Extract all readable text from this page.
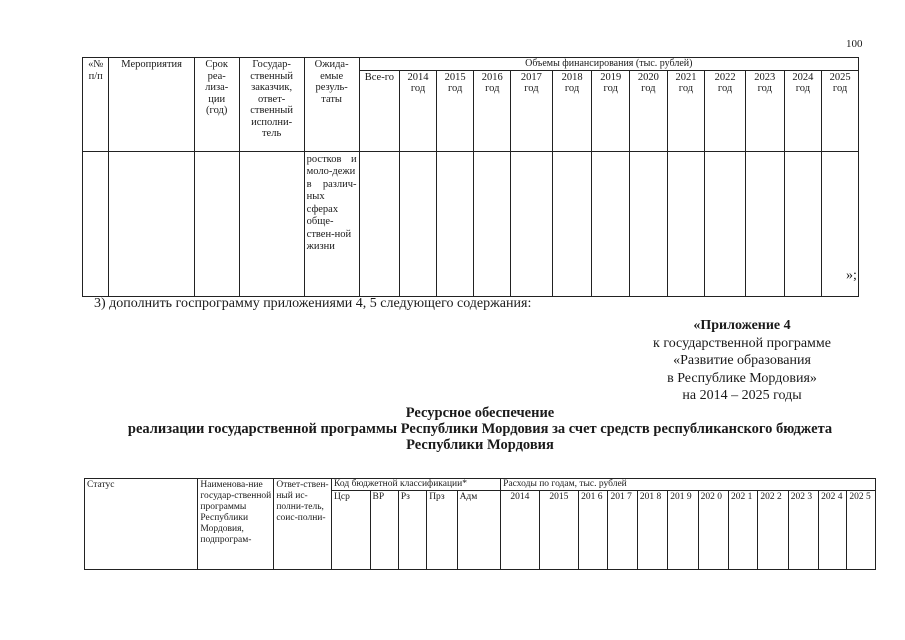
100
«№ п/п	Мероприятия	Срок реа-лиза-ции (год)	Государ-ственный заказчик, ответ-ственный исполни-тель	Ожида-емые резуль-таты	Объемы финансирования (тыс. рублей)												
					Все-го	2014 год	2015 год	2016 год	2017 год	2018 год	2019 год	2020 год	2021 год	2022 год	2023 год	2024 год	2025 год
				ростков и моло-дежи в различ-ных сферах обще-ствен-ной жизни													
»;
3) дополнить госпрограмму приложениями 4, 5 следующего содержания:
«Приложение 4
к государственной программе
«Развитие образования
в Республике Мордовия»
на 2014 – 2025 годы
Ресурсное обеспечение
реализации государственной программы Республики Мордовия за счет средств республиканского бюджета
Республики Мордовия
Статус	Наименова-ние государ-ственной программы Республики Мордовия, подпрограм-	Ответ-ствен-ный ис-полни-тель, соис-полни-	Код бюджетной классификации*					Расходы по годам, тыс. рублей											
			Цср	ВР	Рз	Прз	Адм	2014	2015	201 6	201 7	201 8	201 9	202 0	202 1	202 2	202 3	202 4	202 5
